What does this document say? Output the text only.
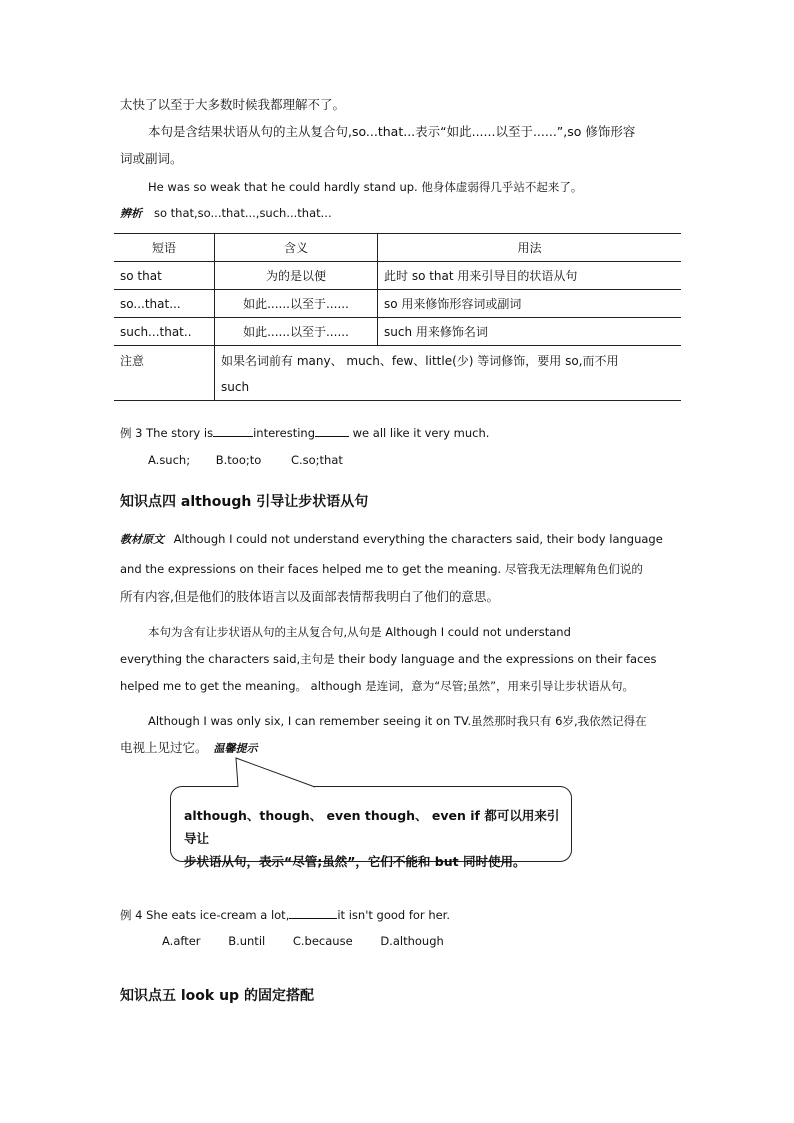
太快了以至于大多数时候我都理解不了。
本句是含结果状语从句的主从复合句,so...that...表示“如此......以至于......”,so 修饰形容
词或副词。
He was so weak that he could hardly stand up. 他身体虚弱得几乎站不起来了。
辨析 so that,so...that...,such...that...
短语	含义	用法
so that	为的是以便	此时 so that 用来引导目的状语从句
so...that...	如此......以至于......	so 用来修饰形容词或副词
such...that..	如此......以至于......	such 用来修饰名词
注意	如果名词前有 many、 much、few、little(少) 等词修饰，要用 so,而不用
such	
例 3 The story is	interesting	we all like it very much.
A.such; B.too;to	C.so;that
知识点四 although 引导让步状语从句
教材原文 Although I could not understand everything the characters said, their body language
and the expressions on their faces helped me to get the meaning. 尽管我无法理解角色们说的
所有内容,但是他们的肢体语言以及面部表情帮我明白了他们的意思。
本句为含有让步状语从句的主从复合句,从句是 Although I could not understand
everything the characters said,主句是 their body language and the expressions on their faces
helped me to get the meaning。 although 是连词，意为“尽管;虽然”，用来引导让步状语从句。
Although I was only six, I can remember seeing it on TV.虽然那时我只有 6岁,我依然记得在
电视上见过它。 温馨提示
although、though、 even though、 even if 都可以用来引导让
步状语从句，表示“尽管;虽然”，它们不能和 but 同时使用。
例 4 She eats ice-cream a lot,	it isn't good for her.
A.after B.until C.because D.although
知识点五 look up 的固定搭配
